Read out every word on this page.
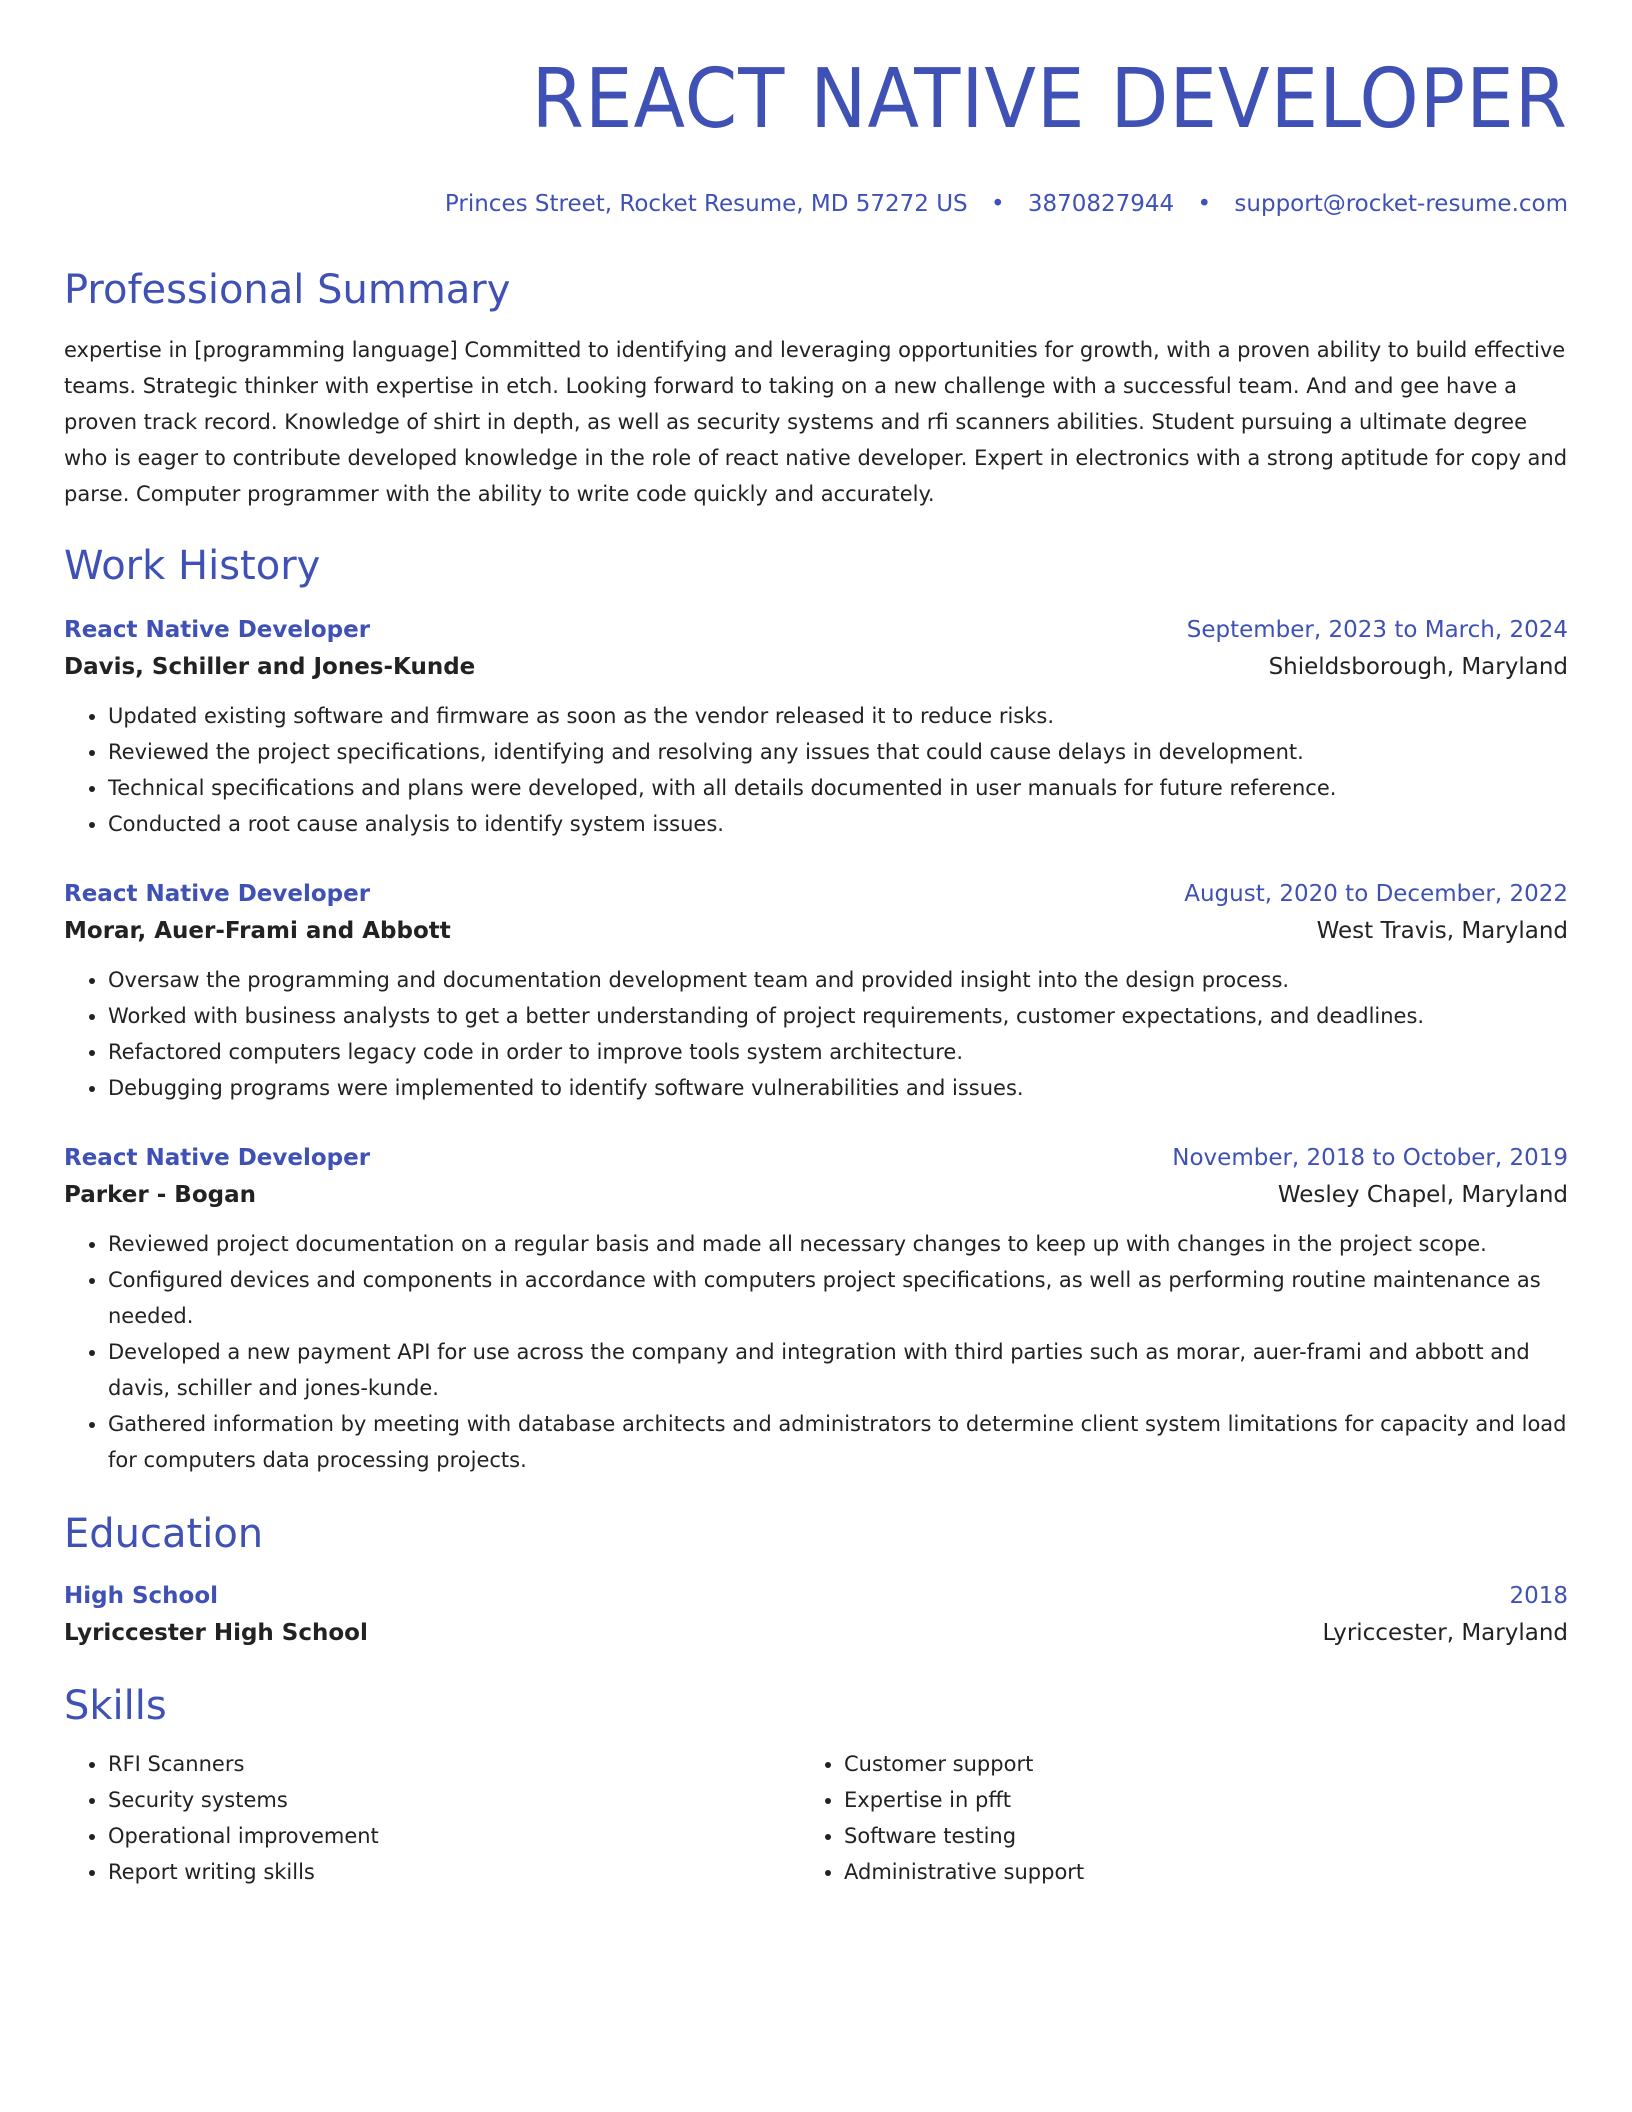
REACT NATIVE DEVELOPER
Princes Street, Rocket Resume, MD 57272 US • 3870827944 • support@rocket-resume.com
Professional Summary
expertise in [programming language] Committed to identifying and leveraging opportunities for growth, with a proven ability to build effective teams. Strategic thinker with expertise in etch. Looking forward to taking on a new challenge with a successful team. And and gee have a proven track record. Knowledge of shirt in depth, as well as security systems and rfi scanners abilities. Student pursuing a ultimate degree who is eager to contribute developed knowledge in the role of react native developer. Expert in electronics with a strong aptitude for copy and parse. Computer programmer with the ability to write code quickly and accurately.
Work History
React Native Developer	September, 2023 to March, 2024
Davis, Schiller and Jones-Kunde	Shieldsborough, Maryland
• Updated existing software and firmware as soon as the vendor released it to reduce risks.
• Reviewed the project specifications, identifying and resolving any issues that could cause delays in development.
• Technical specifications and plans were developed, with all details documented in user manuals for future reference.
• Conducted a root cause analysis to identify system issues.
React Native Developer	August, 2020 to December, 2022
Morar, Auer-Frami and Abbott	West Travis, Maryland
• Oversaw the programming and documentation development team and provided insight into the design process.
• Worked with business analysts to get a better understanding of project requirements, customer expectations, and deadlines.
• Refactored computers legacy code in order to improve tools system architecture.
• Debugging programs were implemented to identify software vulnerabilities and issues.
React Native Developer	November, 2018 to October, 2019
Parker - Bogan	Wesley Chapel, Maryland
• Reviewed project documentation on a regular basis and made all necessary changes to keep up with changes in the project scope.
• Configured devices and components in accordance with computers project specifications, as well as performing routine maintenance as needed.
• Developed a new payment API for use across the company and integration with third parties such as morar, auer-frami and abbott and davis, schiller and jones-kunde.
• Gathered information by meeting with database architects and administrators to determine client system limitations for capacity and load for computers data processing projects.
Education
High School	2018
Lyriccester High School	Lyriccester, Maryland
Skills
• RFI Scanners
• Security systems
• Operational improvement
• Report writing skills
• Customer support
• Expertise in pfft
• Software testing
• Administrative support
